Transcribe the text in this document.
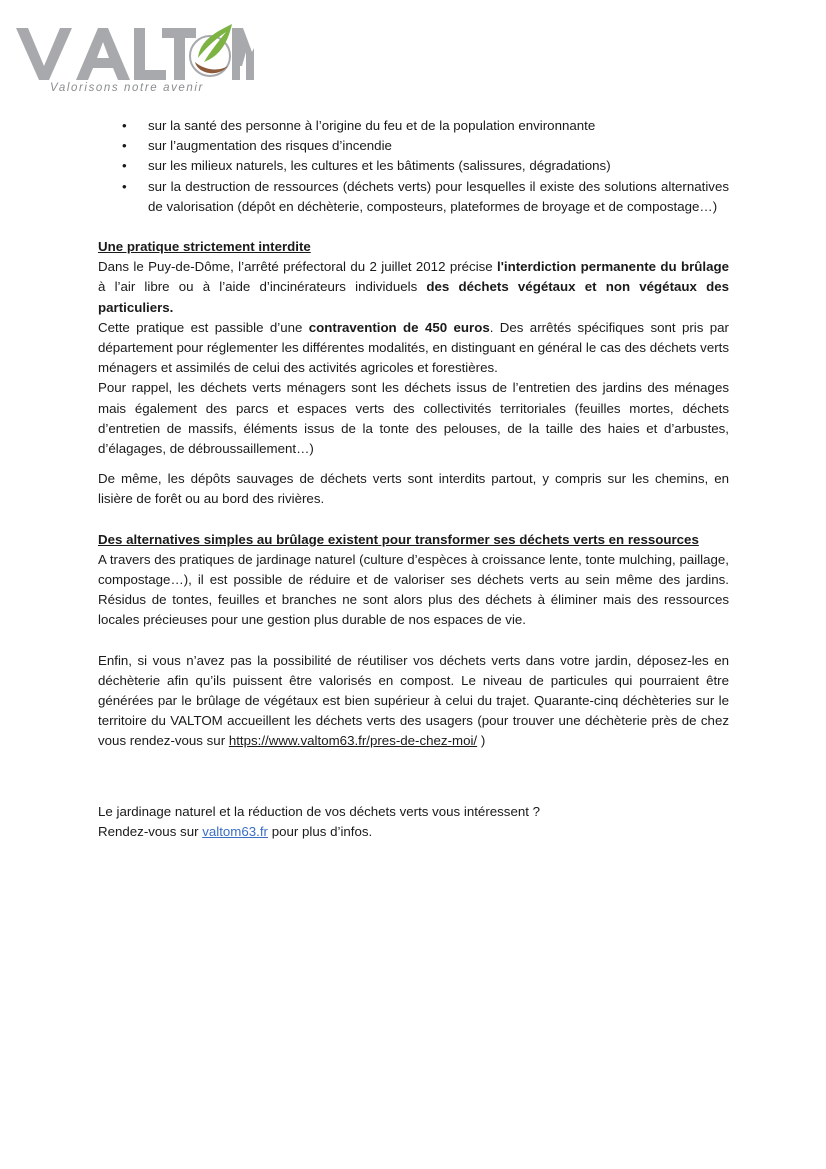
Valorisons notre avenir
• sur la santé des personne à l’origine du feu et de la population environnante
• sur l’augmentation des risques d’incendie
• sur les milieux naturels, les cultures et les bâtiments (salissures, dégradations)
• sur la destruction de ressources (déchets verts) pour lesquelles il existe des solutions alternatives de valorisation (dépôt en déchèterie, composteurs, plateformes de broyage et de compostage…)

Une pratique strictement interdite

Dans le Puy-de-Dôme, l’arrêté préfectoral du 2 juillet 2012 précise l'interdiction permanente du brûlage à l’air libre ou à l’aide d’incinérateurs individuels des déchets végétaux et non végétaux des particuliers.

Cette pratique est passible d’une contravention de 450 euros. Des arrêtés spécifiques sont pris par département pour réglementer les différentes modalités, en distinguant en général le cas des déchets verts ménagers et assimilés de celui des activités agricoles et forestières.

Pour rappel, les déchets verts ménagers sont les déchets issus de l’entretien des jardins des ménages mais également des parcs et espaces verts des collectivités territoriales (feuilles mortes, déchets d’entretien de massifs, éléments issus de la tonte des pelouses, de la taille des haies et d’arbustes, d’élagages, de débroussaillement…)

De même, les dépôts sauvages de déchets verts sont interdits partout, y compris sur les chemins, en lisière de forêt ou au bord des rivières.

Des alternatives simples au brûlage existent pour transformer ses déchets verts en ressources

A travers des pratiques de jardinage naturel (culture d’espèces à croissance lente, tonte mulching, paillage, compostage…), il est possible de réduire et de valoriser ses déchets verts au sein même des jardins. Résidus de tontes, feuilles et branches ne sont alors plus des déchets à éliminer mais des ressources locales précieuses pour une gestion plus durable de nos espaces de vie.

Enfin, si vous n’avez pas la possibilité de réutiliser vos déchets verts dans votre jardin, déposez-les en déchèterie afin qu’ils puissent être valorisés en compost. Le niveau de particules qui pourraient être générées par le brûlage de végétaux est bien supérieur à celui du trajet. Quarante-cinq déchèteries sur le territoire du VALTOM accueillent les déchets verts des usagers (pour trouver une déchèterie près de chez vous rendez-vous sur https://www.valtom63.fr/pres-de-chez-moi/ )

Le jardinage naturel et la réduction de vos déchets verts vous intéressent ?

Rendez-vous sur valtom63.fr pour plus d’infos.
